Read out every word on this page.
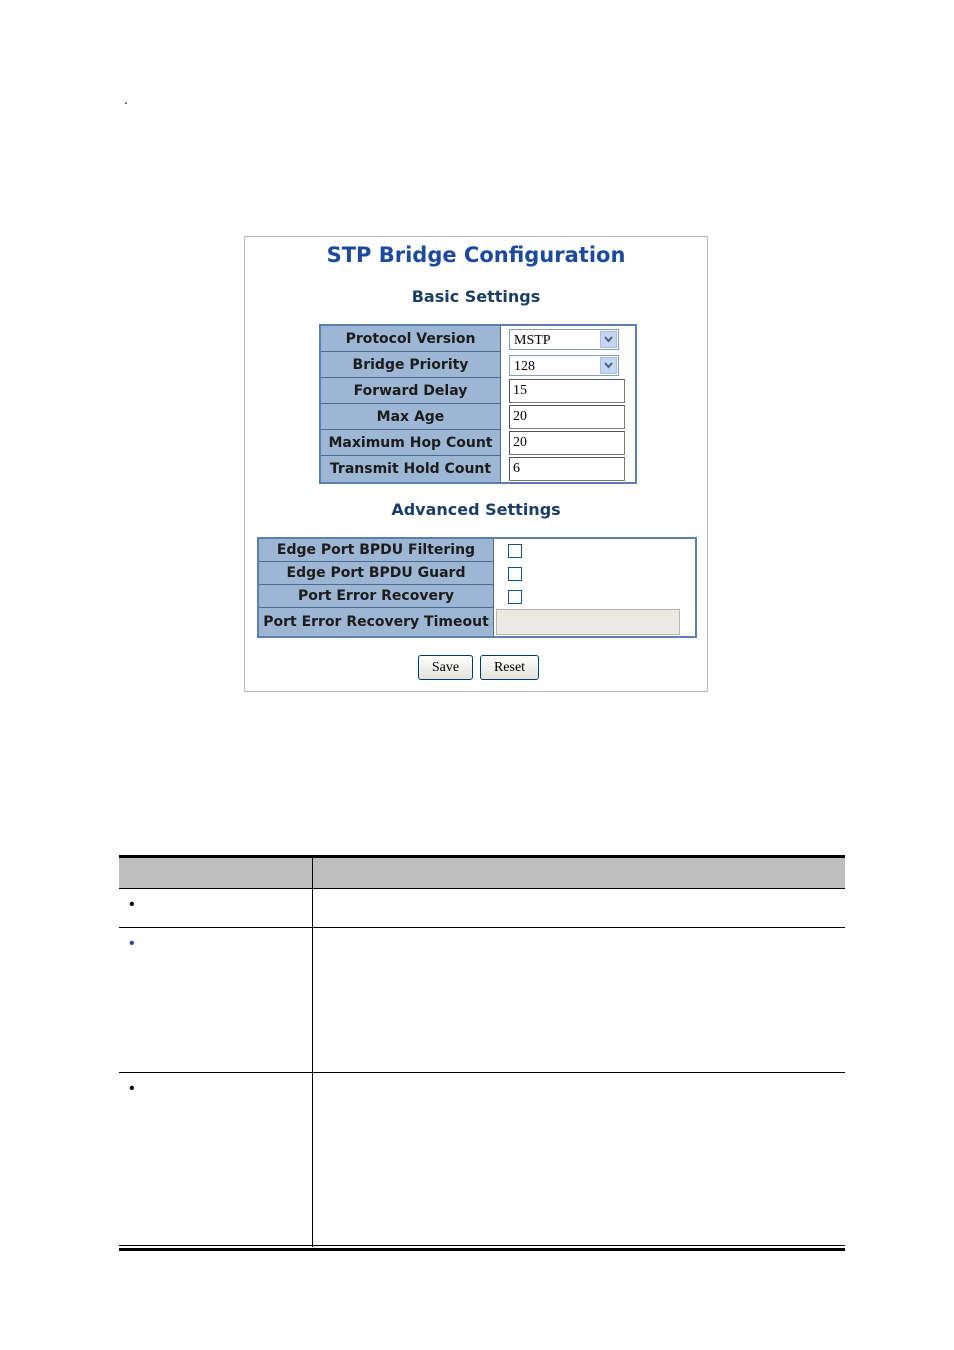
.
STP Bridge Configuration
Basic Settings
Protocol Version	MSTP

Bridge Priority	128

Forward Delay	15

Max Age	20

Maximum Hop Count	20

Transmit Hold Count	6
Advanced Settings
Edge Port BPDU Filtering	

Edge Port BPDU Guard	

Port Error Recovery	

Port Error Recovery Timeout	
Save	Reset
•
•
•
